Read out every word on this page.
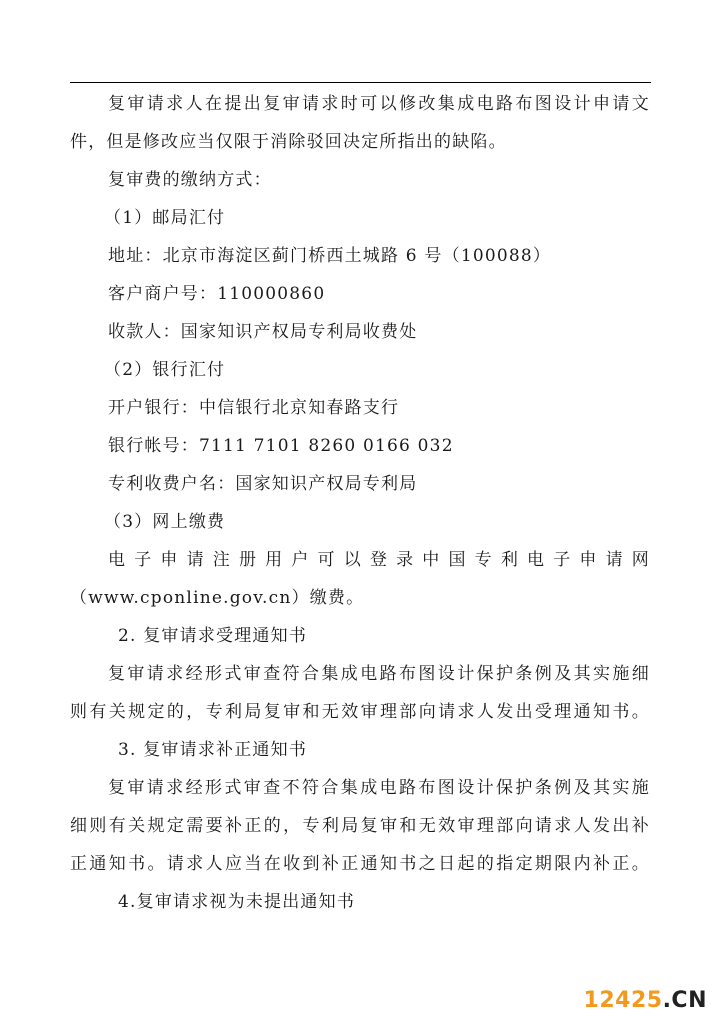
复审请求人在提出复审请求时可以修改集成电路布图设计申请文
件，但是修改应当仅限于消除驳回决定所指出的缺陷。
复审费的缴纳方式：
（1）邮局汇付
地址：北京市海淀区蓟门桥西土城路 6 号（100088）
客户商户号：110000860
收款人：国家知识产权局专利局收费处
（2）银行汇付
开户银行：中信银行北京知春路支行
银行帐号：7111 7101 8260 0166 032
专利收费户名：国家知识产权局专利局
（3）网上缴费
电子申请注册用户可以登录中国专利电子申请网
（www.cponline.gov.cn）缴费。
2. 复审请求受理通知书
复审请求经形式审查符合集成电路布图设计保护条例及其实施细
则有关规定的，专利局复审和无效审理部向请求人发出受理通知书。
3. 复审请求补正通知书
复审请求经形式审查不符合集成电路布图设计保护条例及其实施
细则有关规定需要补正的，专利局复审和无效审理部向请求人发出补
正通知书。请求人应当在收到补正通知书之日起的指定期限内补正。
4.复审请求视为未提出通知书
12425.CN
